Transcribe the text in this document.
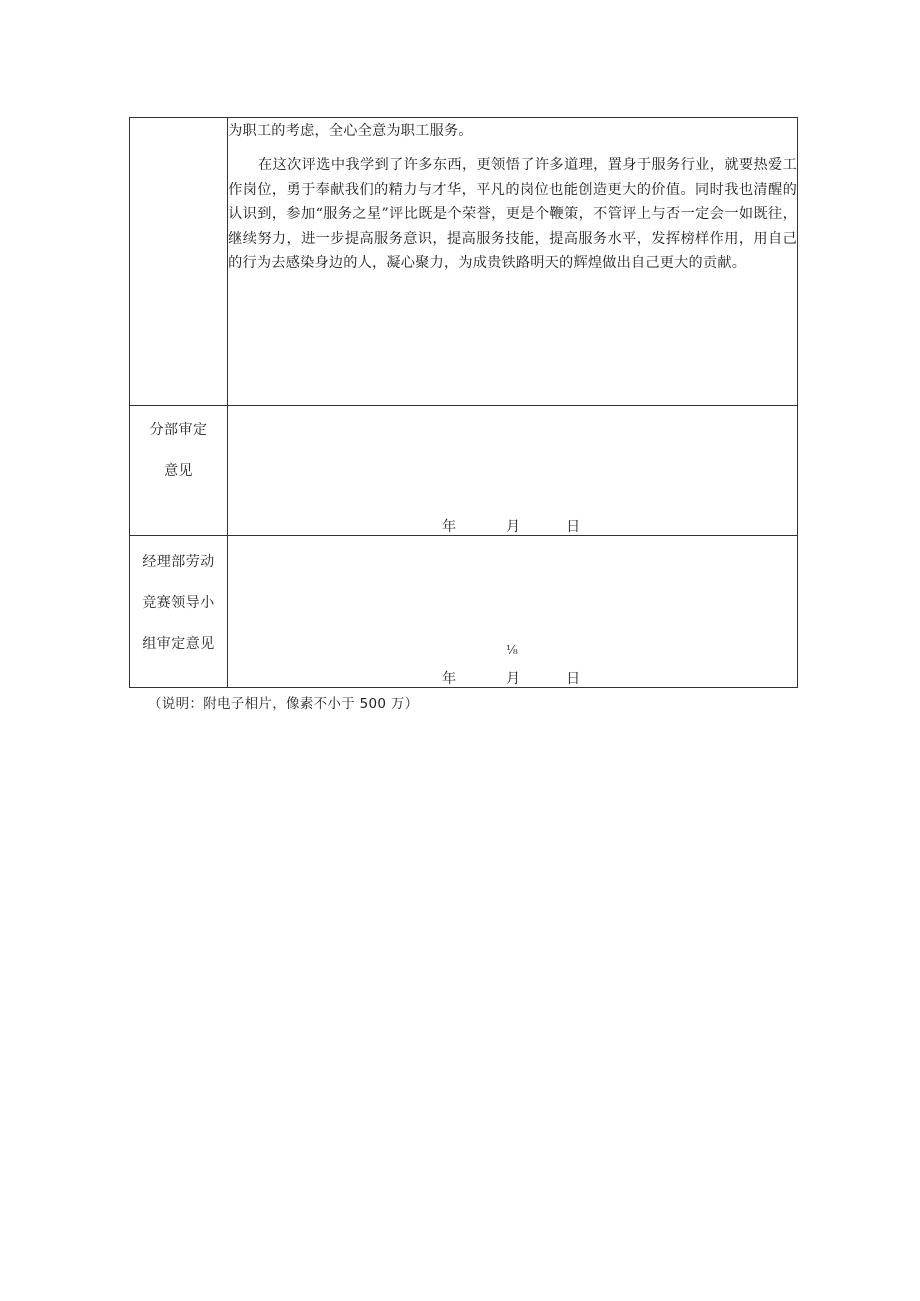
	为职工的考虑，全心全意为职工服务。

在这次评选中我学到了许多东西，更领悟了许多道理，置身于服务行业，就要热爱工作岗位，勇于奉献我们的精力与才华，平凡的岗位也能创造更大的价值。同时我也清醒的认识到，参加“服务之星”评比既是个荣誉，更是个鞭策，不管评上与否一定会一如既往，继续努力，进一步提高服务意识，提高服务技能，提高服务水平，发挥榜样作用，用自己的行为去感染身边的人，凝心聚力，为成贵铁路明天的辉煌做出自己更大的贡献。

分部审定
意见	年 月 日

经理部劳动
竞赛领导小
组审定意见	⅛
年 月 日
（说明：附电子相片，像素不小于 500 万）
